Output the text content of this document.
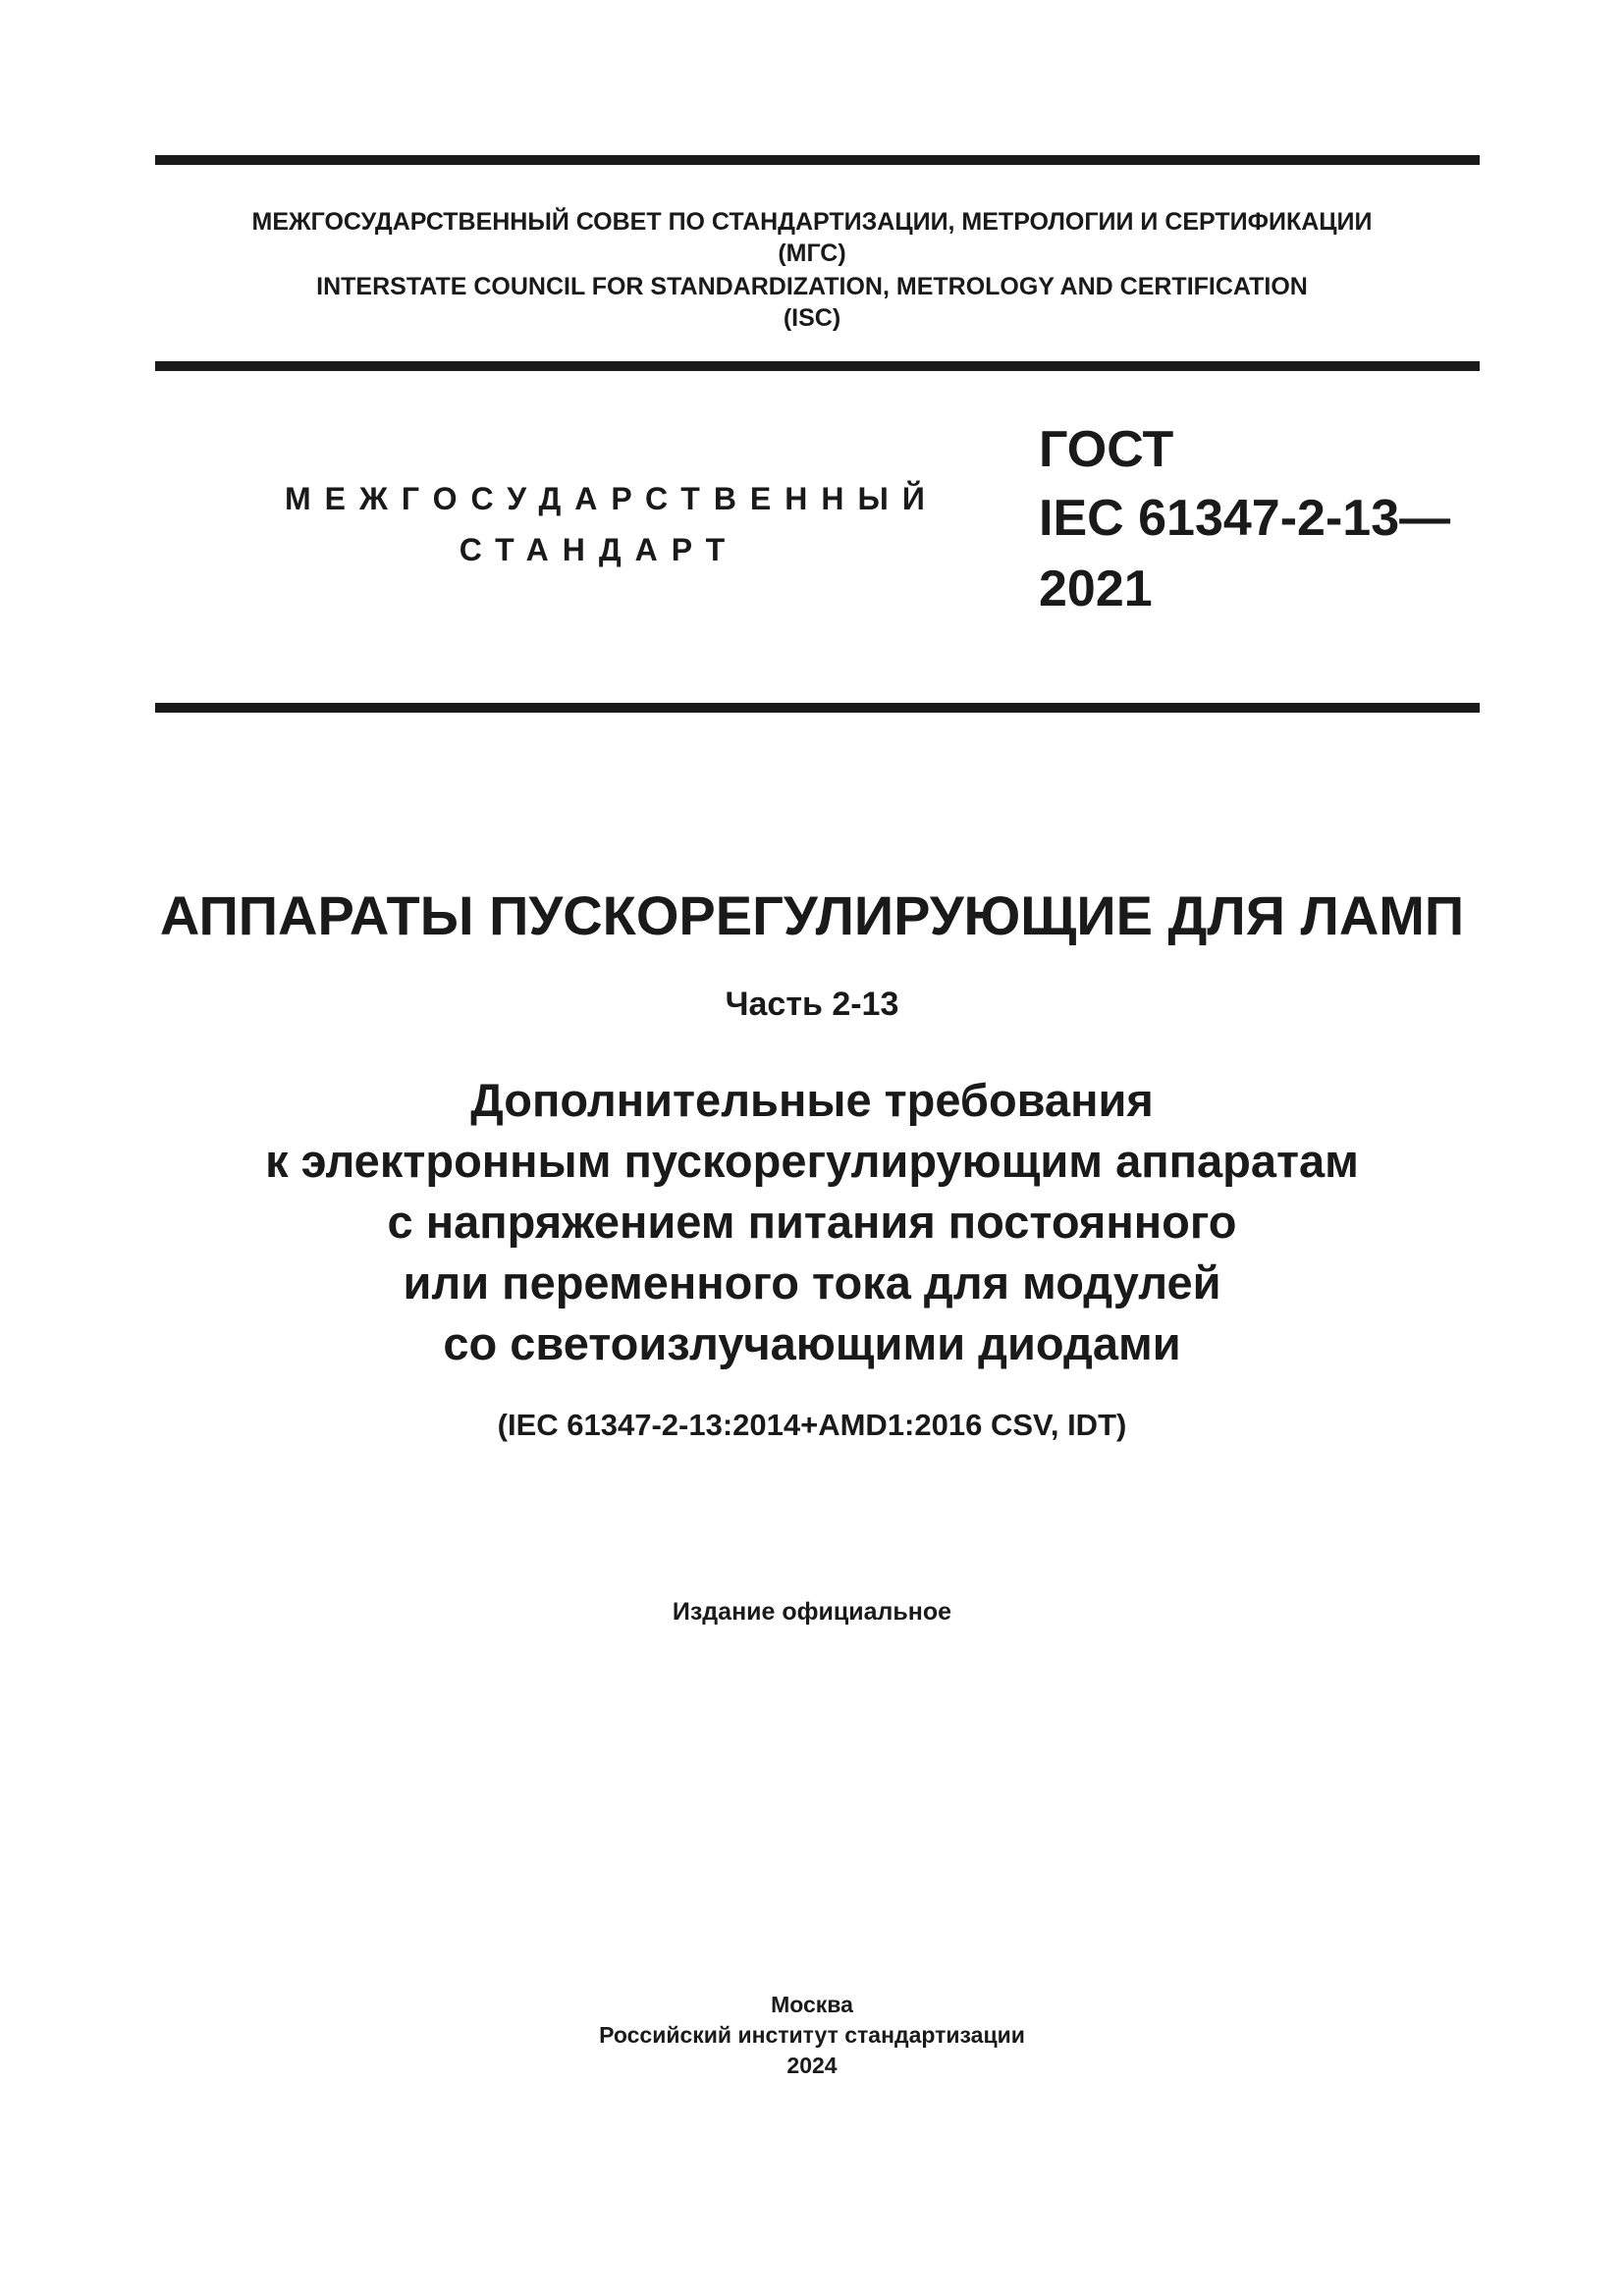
МЕЖГОСУДАРСТВЕННЫЙ СОВЕТ ПО СТАНДАРТИЗАЦИИ, МЕТРОЛОГИИ И СЕРТИФИКАЦИИ

(МГС)

INTERSTATE COUNCIL FOR STANDARDIZATION, METROLOGY AND CERTIFICATION

(ISC)

МЕЖГОСУДАРСТВЕННЫЙ

СТАНДАРТ

ГОСТ

IEC 61347-2-13—

2021

АППАРАТЫ ПУСКОРЕГУЛИРУЮЩИЕ ДЛЯ ЛАМП

Часть 2-13

Дополнительные требования

к электронным пускорегулирующим аппаратам

с напряжением питания постоянного

или переменного тока для модулей

со светоизлучающими диодами

(IEC 61347-2-13:2014+AMD1:2016 CSV, IDT)

Издание официальное

Москва

Российский институт стандартизации

2024
